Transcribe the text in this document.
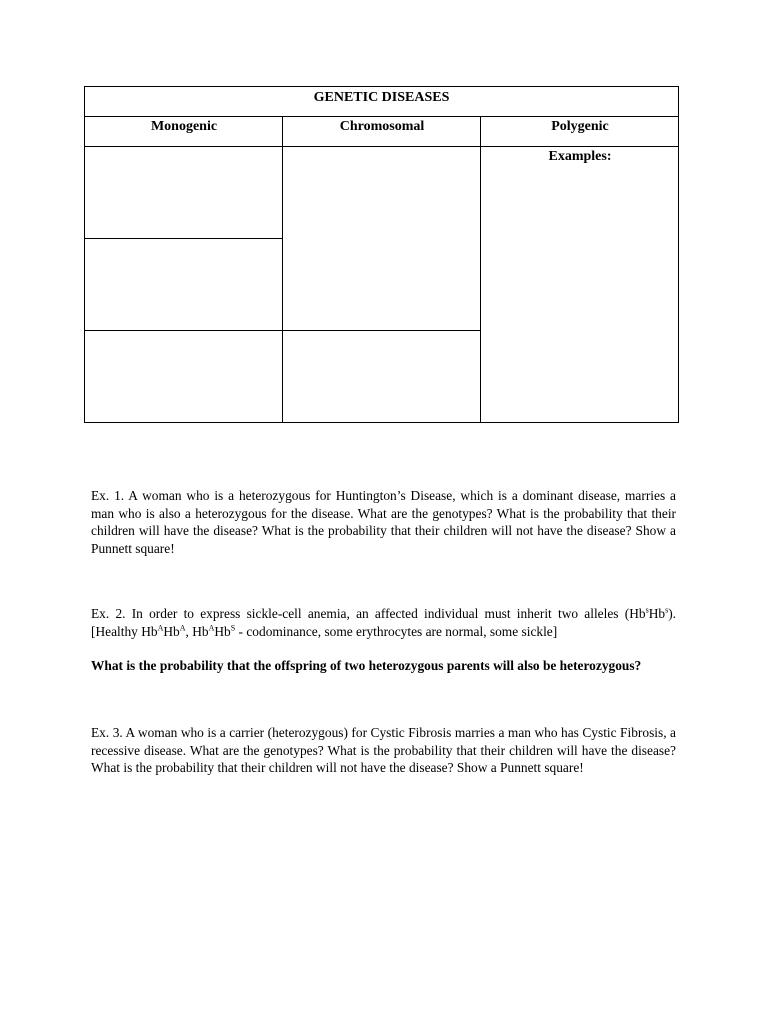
GENETIC DISEASES
Monogenic	Chromosomal	Polygenic
Examples:
Ex. 1. A woman who is a heterozygous for Huntington’s Disease, which is a dominant disease, marries a man who is also a heterozygous for the disease. What are the genotypes? What is the probability that their children will have the disease? What is the probability that their children will not have the disease? Show a Punnett square!
Ex. 2. In order to express sickle-cell anemia, an affected individual must inherit two alleles (Hb$^s$Hb$^s$). [Healthy $Hb^AHb^A$, $Hb^AHb^S$ - codominance, some erythrocytes are normal, some sickle]
What is the probability that the offspring of two heterozygous parents will also be heterozygous?
Ex. 3. A woman who is a carrier (heterozygous) for Cystic Fibrosis marries a man who has Cystic Fibrosis, a recessive disease. What are the genotypes? What is the probability that their children will have the disease? What is the probability that their children will not have the disease? Show a Punnett square!
